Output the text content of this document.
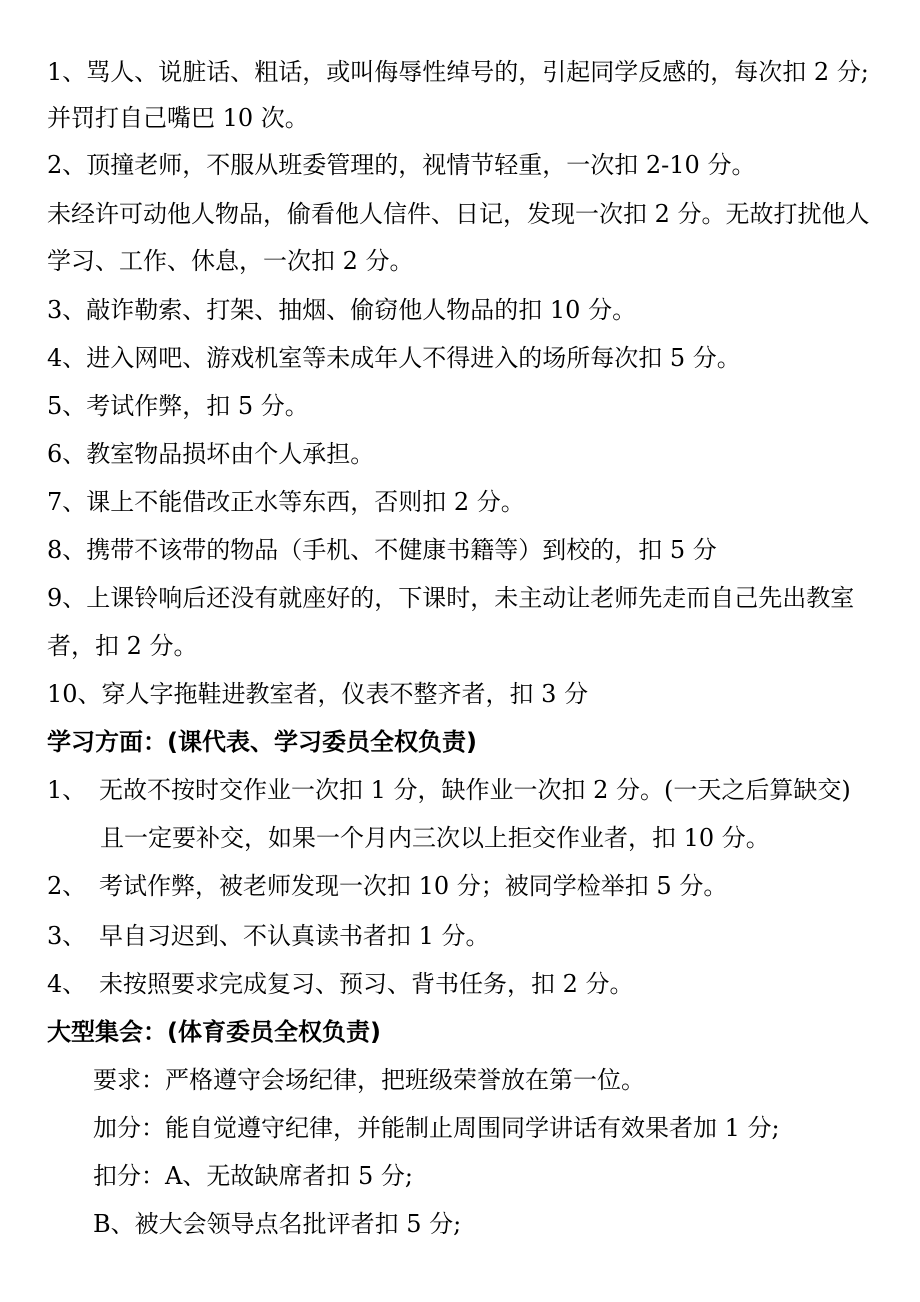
1、骂人、说脏话、粗话，或叫侮辱性绰号的，引起同学反感的，每次扣 2 分;
并罚打自己嘴巴 10 次。
2、顶撞老师，不服从班委管理的，视情节轻重，一次扣 2-10 分。
未经许可动他人物品，偷看他人信件、日记，发现一次扣 2 分。无故打扰他人
学习、工作、休息，一次扣 2 分。
3、敲诈勒索、打架、抽烟、偷窃他人物品的扣 10 分。
4、进入网吧、游戏机室等未成年人不得进入的场所每次扣 5 分。
5、考试作弊，扣 5 分。
6、教室物品损坏由个人承担。
7、课上不能借改正水等东西，否则扣 2 分。
8、携带不该带的物品（手机、不健康书籍等）到校的，扣 5 分
9、上课铃响后还没有就座好的，下课时，未主动让老师先走而自己先出教室
者，扣 2 分。
10、穿人字拖鞋进教室者，仪表不整齐者，扣 3 分
学习方面：(课代表、学习委员全权负责)
1、 无故不按时交作业一次扣 1 分，缺作业一次扣 2 分。(一天之后算缺交)
且一定要补交，如果一个月内三次以上拒交作业者，扣 10 分。
2、 考试作弊，被老师发现一次扣 10 分；被同学检举扣 5 分。
3、 早自习迟到、不认真读书者扣 1 分。
4、 未按照要求完成复习、预习、背书任务，扣 2 分。
大型集会：(体育委员全权负责)
要求：严格遵守会场纪律，把班级荣誉放在第一位。
加分：能自觉遵守纪律，并能制止周围同学讲话有效果者加 1 分;
扣分：A、无故缺席者扣 5 分;
B、被大会领导点名批评者扣 5 分;
